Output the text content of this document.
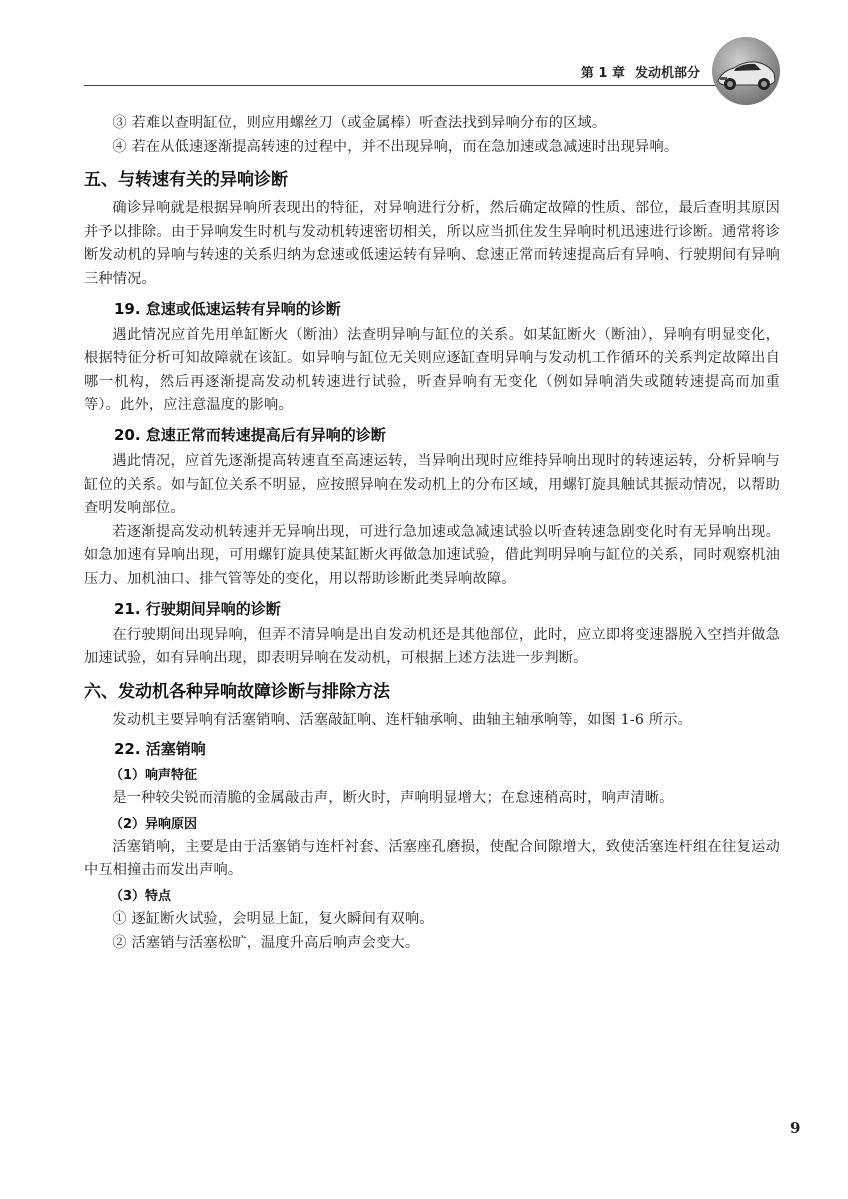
第 1 章 发动机部分

③ 若难以查明缸位，则应用螺丝刀（或金属棒）听查法找到异响分布的区域。

④ 若在从低速逐渐提高转速的过程中，并不出现异响，而在急加速或急减速时出现异响。

五、与转速有关的异响诊断

确诊异响就是根据异响所表现出的特征，对异响进行分析，然后确定故障的性质、部位，最后查明其原因并予以排除。由于异响发生时机与发动机转速密切相关，所以应当抓住发生异响时机迅速进行诊断。通常将诊断发动机的异响与转速的关系归纳为怠速或低速运转有异响、怠速正常而转速提高后有异响、行驶期间有异响三种情况。

19. 怠速或低速运转有异响的诊断

遇此情况应首先用单缸断火（断油）法查明异响与缸位的关系。如某缸断火（断油），异响有明显变化，根据特征分析可知故障就在该缸。如异响与缸位无关则应逐缸查明异响与发动机工作循环的关系判定故障出自哪一机构，然后再逐渐提高发动机转速进行试验，听查异响有无变化（例如异响消失或随转速提高而加重等）。此外，应注意温度的影响。

20. 怠速正常而转速提高后有异响的诊断

遇此情况，应首先逐渐提高转速直至高速运转，当异响出现时应维持异响出现时的转速运转，分析异响与缸位的关系。如与缸位关系不明显，应按照异响在发动机上的分布区域，用螺钉旋具触试其振动情况，以帮助查明发响部位。

若逐渐提高发动机转速并无异响出现，可进行急加速或急减速试验以听查转速急剧变化时有无异响出现。如急加速有异响出现，可用螺钉旋具使某缸断火再做急加速试验，借此判明异响与缸位的关系，同时观察机油压力、加机油口、排气管等处的变化，用以帮助诊断此类异响故障。

21. 行驶期间异响的诊断

在行驶期间出现异响，但弄不清异响是出自发动机还是其他部位，此时，应立即将变速器脱入空挡并做急加速试验，如有异响出现，即表明异响在发动机，可根据上述方法进一步判断。

六、发动机各种异响故障诊断与排除方法

发动机主要异响有活塞销响、活塞敲缸响、连杆轴承响、曲轴主轴承响等，如图 1-6 所示。

22. 活塞销响
（1）响声特征

是一种较尖锐而清脆的金属敲击声，断火时，声响明显增大；在怠速稍高时，响声清晰。

（2）异响原因

活塞销响，主要是由于活塞销与连杆衬套、活塞座孔磨损，使配合间隙增大，致使活塞连杆组在往复运动中互相撞击而发出声响。

（3）特点

① 逐缸断火试验，会明显上缸，复火瞬间有双响。

② 活塞销与活塞松旷，温度升高后响声会变大。

9
